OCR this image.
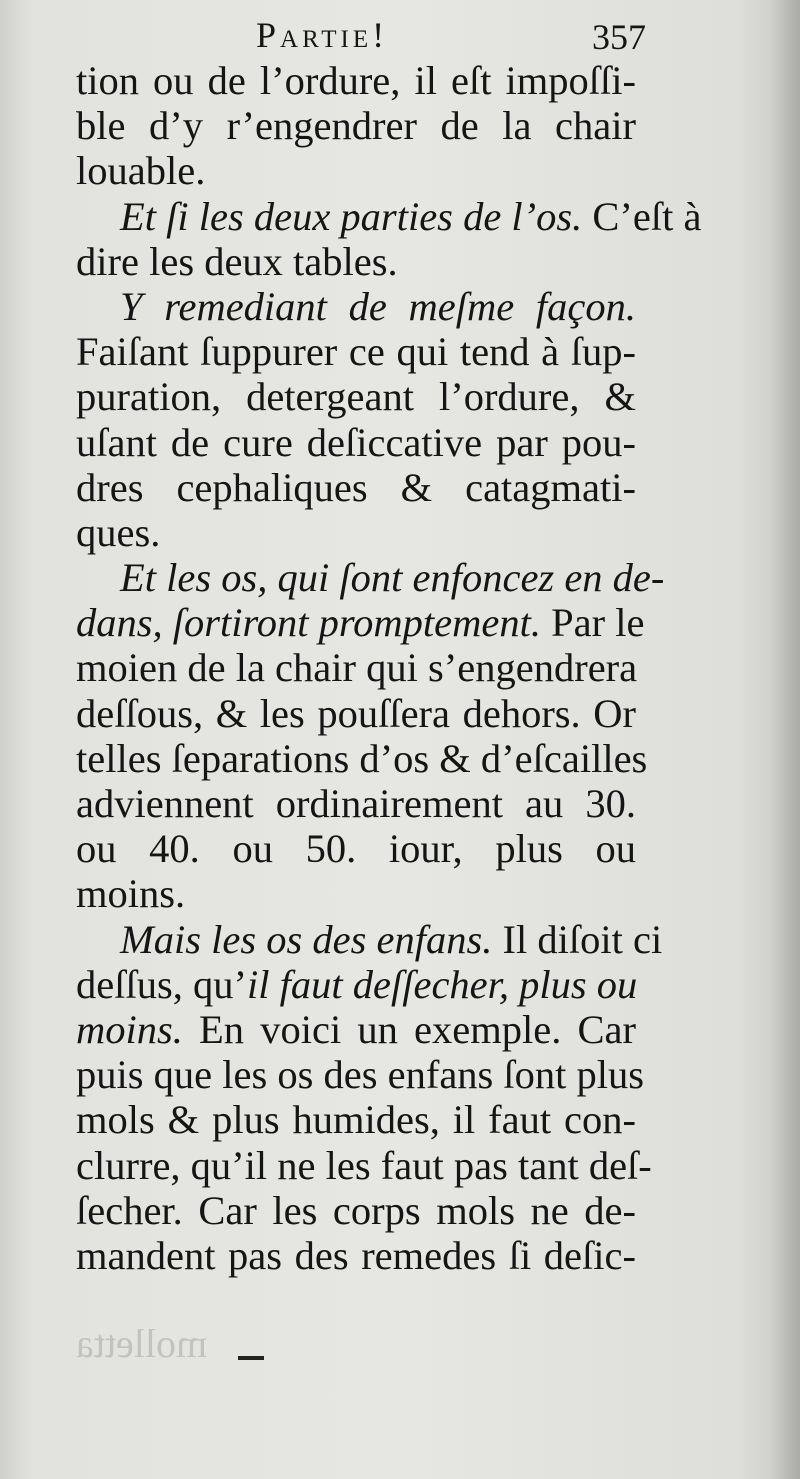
Partie!	357
tion ou de l’ordure, il eſt impoſſi-
ble d’y r’engendrer de la chair
louable.
Et ſi les deux parties de l’os. C’eſt à
dire les deux tables.
Y remediant de meſme façon.
Faiſant ſuppurer ce qui tend à ſup-
puration, detergeant l’ordure, &
uſant de cure deſiccative par pou-
dres cephaliques & catagmati-
ques.
Et les os, qui ſont enfoncez en de-
dans, ſortiront promptement. Par le
moien de la chair qui s’engendrera
deſſous, & les pouſſera dehors. Or
telles ſeparations d’os & d’eſcailles
adviennent ordinairement au 30.
ou 40. ou 50. iour, plus ou
moins.
Mais les os des enfans. Il diſoit ci
deſſus, qu’il faut deſſecher, plus ou
moins. En voici un exemple. Car
puis que les os des enfans ſont plus
mols & plus humides, il faut con-
clurre, qu’il ne les faut pas tant deſ-
ſecher. Car les corps mols ne de-
mandent pas des remedes ſi deſic-
molletta
